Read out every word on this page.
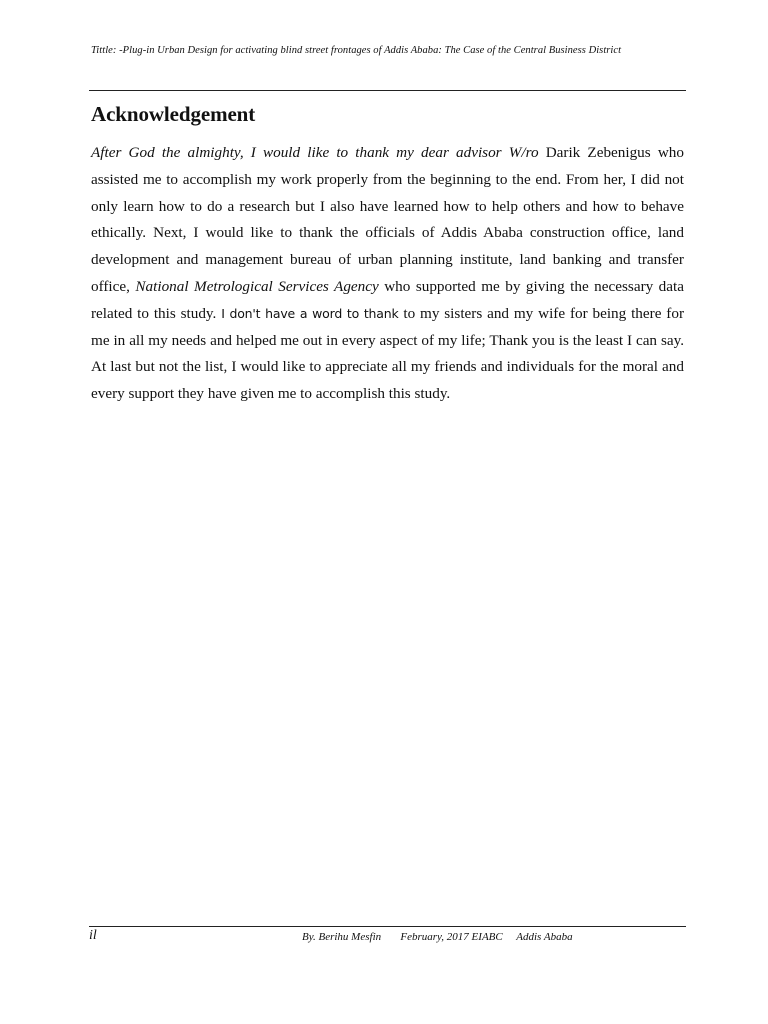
Tittle: -Plug-in Urban Design for activating blind street frontages of Addis Ababa: The Case of the Central Business District
Acknowledgement

After God the almighty, I would like to thank my dear advisor W/ro Darik Zebenigus who assisted me to accomplish my work properly from the beginning to the end. From her, I did not only learn how to do a research but I also have learned how to help others and how to behave ethically. Next, I would like to thank the officials of Addis Ababa construction office, land development and management bureau of urban planning institute, land banking and transfer office, National Metrological Services Agency who supported me by giving the necessary data related to this study. I don't have a word to thank to my sisters and my wife for being there for me in all my needs and helped me out in every aspect of my life; Thank you is the least I can say. At last but not the list, I would like to appreciate all my friends and individuals for the moral and every support they have given me to accomplish this study.

il	By. Berihu Mesfin       February, 2017 EIABC     Addis Ababa
